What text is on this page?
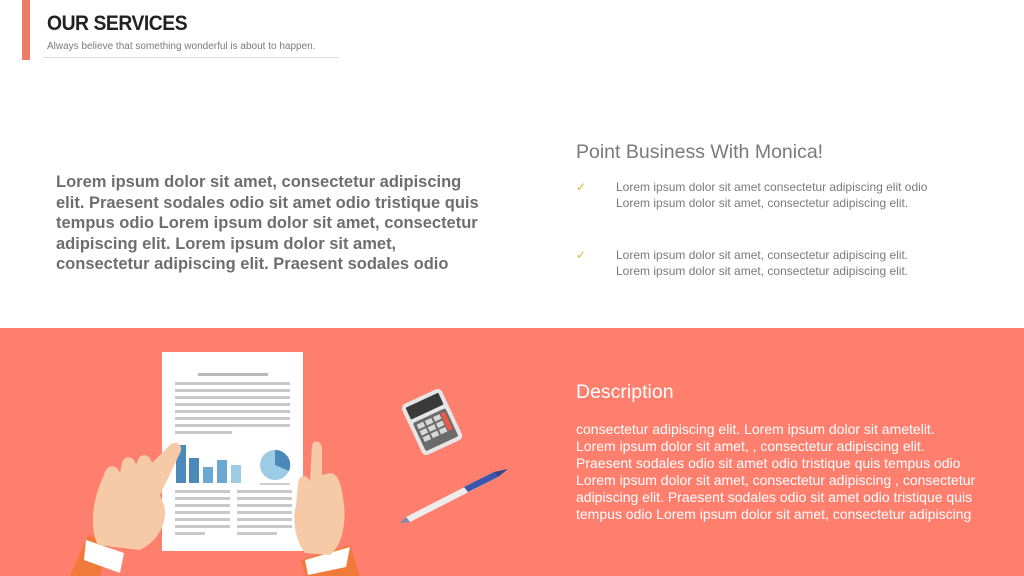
OUR SERVICES
Always believe that something wonderful is about to happen.
Lorem ipsum dolor sit amet, consectetur adipiscing elit. Praesent sodales odio sit amet odio tristique quis tempus odio Lorem ipsum dolor sit amet, consectetur adipiscing elit. Lorem ipsum dolor sit amet, consectetur adipiscing elit. Praesent sodales odio
Point Business With Monica!
✓	Lorem ipsum dolor sit amet consectetur adipiscing elit odio Lorem ipsum dolor sit amet, consectetur adipiscing elit.
✓	Lorem ipsum dolor sit amet, consectetur adipiscing elit. Lorem ipsum dolor sit amet, consectetur adipiscing elit.
Description
consectetur adipiscing elit. Lorem ipsum dolor sit ametelit. Lorem ipsum dolor sit amet, , consectetur adipiscing elit. Praesent sodales odio sit amet odio tristique quis tempus odio Lorem ipsum dolor sit amet, consectetur adipiscing , consectetur adipiscing elit. Praesent sodales odio sit amet odio tristique quis tempus odio Lorem ipsum dolor sit amet, consectetur adipiscing
